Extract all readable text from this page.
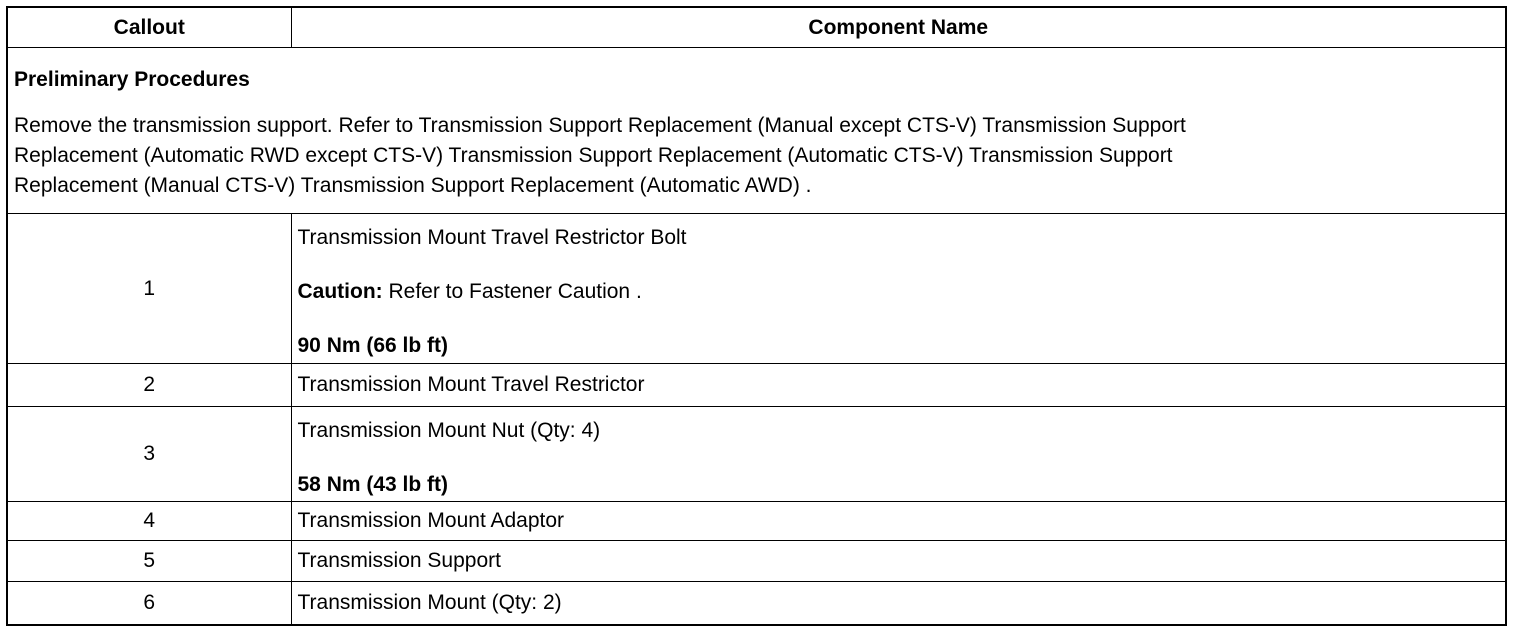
Callout	Component Name

Preliminary Procedures

Remove the transmission support. Refer to Transmission Support Replacement (Manual except CTS-V) Transmission Support
Replacement (Automatic RWD except CTS-V) Transmission Support Replacement (Automatic CTS-V) Transmission Support
Replacement (Manual CTS-V) Transmission Support Replacement (Automatic AWD) .	

1	Transmission Mount Travel Restrictor Bolt

Caution: Refer to Fastener Caution .

90 Nm (66 lb ft)

2	Transmission Mount Travel Restrictor
3	Transmission Mount Nut (Qty: 4)

58 Nm (43 lb ft)

4	Transmission Mount Adaptor
5	Transmission Support
6	Transmission Mount (Qty: 2)
